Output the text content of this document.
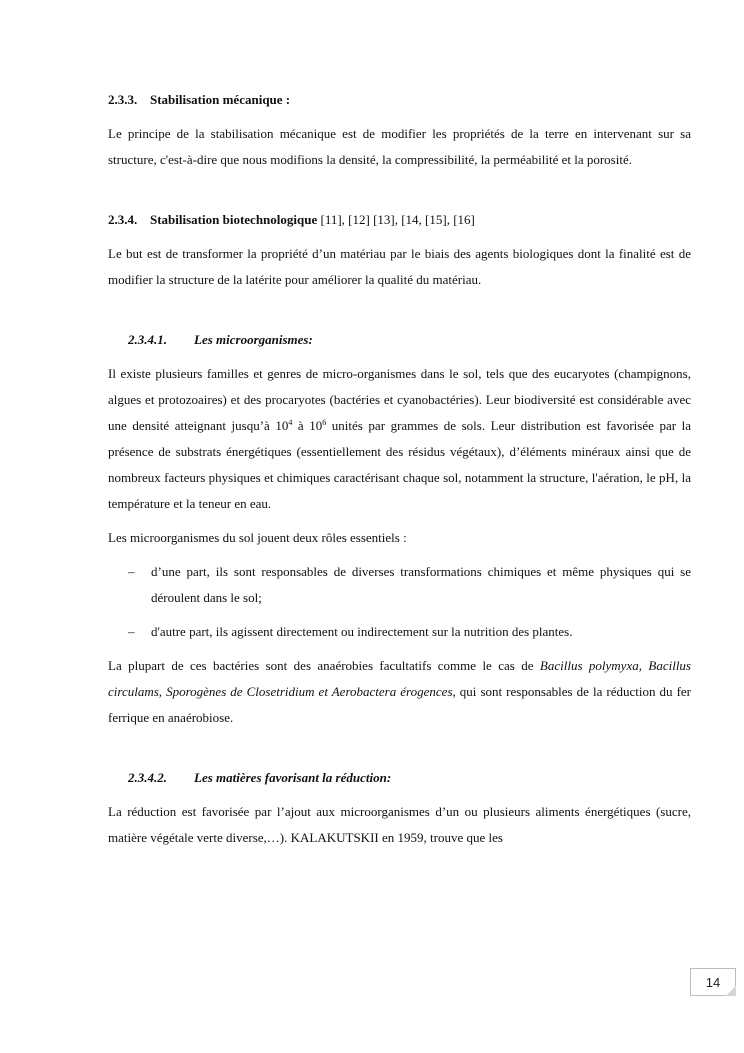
2.3.3. Stabilisation mécanique :

Le principe de la stabilisation mécanique est de modifier les propriétés de la terre en intervenant sur sa structure, c'est-à-dire que nous modifions la densité, la compressibilité, la perméabilité et la porosité.

2.3.4. Stabilisation biotechnologique [11], [12] [13], [14, [15], [16]

Le but est de transformer la propriété d’un matériau par le biais des agents biologiques dont la finalité est de modifier la structure de la latérite pour améliorer la qualité du matériau.

2.3.4.1. Les microorganismes:

Il existe plusieurs familles et genres de micro-organismes dans le sol, tels que des eucaryotes (champignons, algues et protozoaires) et des procaryotes (bactéries et cyanobactéries). Leur biodiversité est considérable avec une densité atteignant jusqu’à $10^4$ à $10^6$ unités par grammes de sols. Leur distribution est favorisée par la présence de substrats énergétiques (essentiellement des résidus végétaux), d’éléments minéraux ainsi que de nombreux facteurs physiques et chimiques caractérisant chaque sol, notamment la structure, l'aération, le pH, la température et la teneur en eau.

Les microorganismes du sol jouent deux rôles essentiels :

– d’une part, ils sont responsables de diverses transformations chimiques et même physiques qui se déroulent dans le sol;
– d'autre part, ils agissent directement ou indirectement sur la nutrition des plantes.

La plupart de ces bactéries sont des anaérobies facultatifs comme le cas de Bacillus polymyxa, Bacillus circulams, Sporogènes de Closetridium et Aerobactera érogences, qui sont responsables de la réduction du fer ferrique en anaérobiose.

2.3.4.2. Les matières favorisant la réduction:

La réduction est favorisée par l’ajout aux microorganismes d’un ou plusieurs aliments énergétiques (sucre, matière végétale verte diverse,…). KALAKUTSKII en 1959, trouve que les

14
